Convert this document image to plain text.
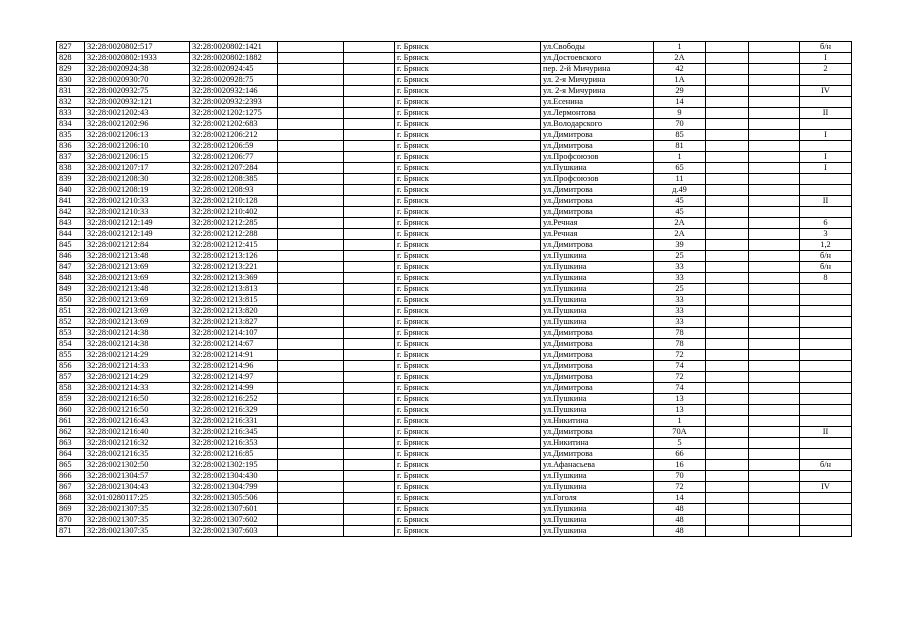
827	32:28:0020802:517	32:28:0020802:1421			г. Брянск	ул.Свободы	1			б/н
828	32:28:0020802:1933	32:28:0020802:1882			г. Брянск	ул.Достоевского	2А			I
829	32:28:0020924:38	32:28:0020924:45			г. Брянск	пер. 2-й Мичурина	42			2
830	32:28:0020930:70	32:28:0020928:75			г. Брянск	ул. 2-я Мичурина	1А			
831	32:28:0020932:75	32:28:0020932:146			г. Брянск	ул. 2-я Мичурина	29			IV
832	32:28:0020932:121	32:28:0020932:2393			г. Брянск	ул.Есенина	14			
833	32:28:0021202:43	32:28:0021202:1275			г. Брянск	ул.Лермонтова	9			II
834	32:28:0021202:96	32:28:0021202:683			г. Брянск	ул.Володарского	70			
835	32:28:0021206:13	32:28:0021206:212			г. Брянск	ул.Димитрова	85			I
836	32:28:0021206:10	32:28:0021206:59			г. Брянск	ул.Димитрова	81			
837	32:28:0021206:15	32:28:0021206:77			г. Брянск	ул.Профсоюзов	1			I
838	32:28:0021207:17	32:28:0021207:284			г. Брянск	ул.Пушкина	65			I
839	32:28:0021208:30	32:28:0021208:385			г. Брянск	ул.Профсоюзов	11			
840	32:28:0021208:19	32:28:0021208:93			г. Брянск	ул.Димитрова	д.49			
841	32:28:0021210:33	32:28:0021210:128			г. Брянск	ул.Димитрова	45			II
842	32:28:0021210:33	32:28:0021210:402			г. Брянск	ул.Димитрова	45			
843	32:28:0021212:149	32:28:0021212:285			г. Брянск	ул.Речная	2А			6
844	32:28:0021212:149	32:28:0021212:288			г. Брянск	ул.Речная	2А			3
845	32:28:0021212:84	32:28:0021212:415			г. Брянск	ул.Димитрова	39			1,2
846	32:28:0021213:48	32:28:0021213:126			г. Брянск	ул.Пушкина	25			б/н
847	32:28:0021213:69	32:28:0021213:221			г. Брянск	ул.Пушкина	33			б/н
848	32:28:0021213:69	32:28:0021213:369			г. Брянск	ул.Пушкина	33			8
849	32:28:0021213:48	32:28:0021213:813			г. Брянск	ул.Пушкина	25			
850	32:28:0021213:69	32:28:0021213:815			г. Брянск	ул.Пушкина	33			
851	32:28:0021213:69	32:28:0021213:820			г. Брянск	ул.Пушкина	33			
852	32:28:0021213:69	32:28:0021213:827			г. Брянск	ул.Пушкина	33			
853	32:28:0021214:38	32:28:0021214:107			г. Брянск	ул.Димитрова	78			
854	32:28:0021214:38	32:28:0021214:67			г. Брянск	ул.Димитрова	78			
855	32:28:0021214:29	32:28:0021214:91			г. Брянск	ул.Димитрова	72			
856	32:28:0021214:33	32:28:0021214:96			г. Брянск	ул.Димитрова	74			
857	32:28:0021214:29	32:28:0021214:97			г. Брянск	ул.Димитрова	72			
858	32:28:0021214:33	32:28:0021214:99			г. Брянск	ул.Димитрова	74			
859	32:28:0021216:50	32:28:0021216:252			г. Брянск	ул.Пушкина	13			
860	32:28:0021216:50	32:28:0021216:329			г. Брянск	ул.Пушкина	13			
861	32:28:0021216:43	32:28:0021216:331			г. Брянск	ул.Никитина	1			
862	32:28:0021216:40	32:28:0021216:345			г. Брянск	ул.Димитрова	70А			II
863	32:28:0021216:32	32:28:0021216:353			г. Брянск	ул.Никитина	5			
864	32:28:0021216:35	32:28:0021216:85			г. Брянск	ул.Димитрова	66			
865	32:28:0021302:50	32:28:0021302:195			г. Брянск	ул.Афанасьева	16			б/н
866	32:28:0021304:57	32:28:0021304:430			г. Брянск	ул.Пушкина	70			
867	32:28:0021304:43	32:28:0021304:799			г. Брянск	ул.Пушкина	72			IV
868	32:01:0280117:25	32:28:0021305:506			г. Брянск	ул.Гоголя	14			
869	32:28:0021307:35	32:28:0021307:601			г. Брянск	ул.Пушкина	48			
870	32:28:0021307:35	32:28:0021307:602			г. Брянск	ул.Пушкина	48			
871	32:28:0021307:35	32:28:0021307:603			г. Брянск	ул.Пушкина	48			
